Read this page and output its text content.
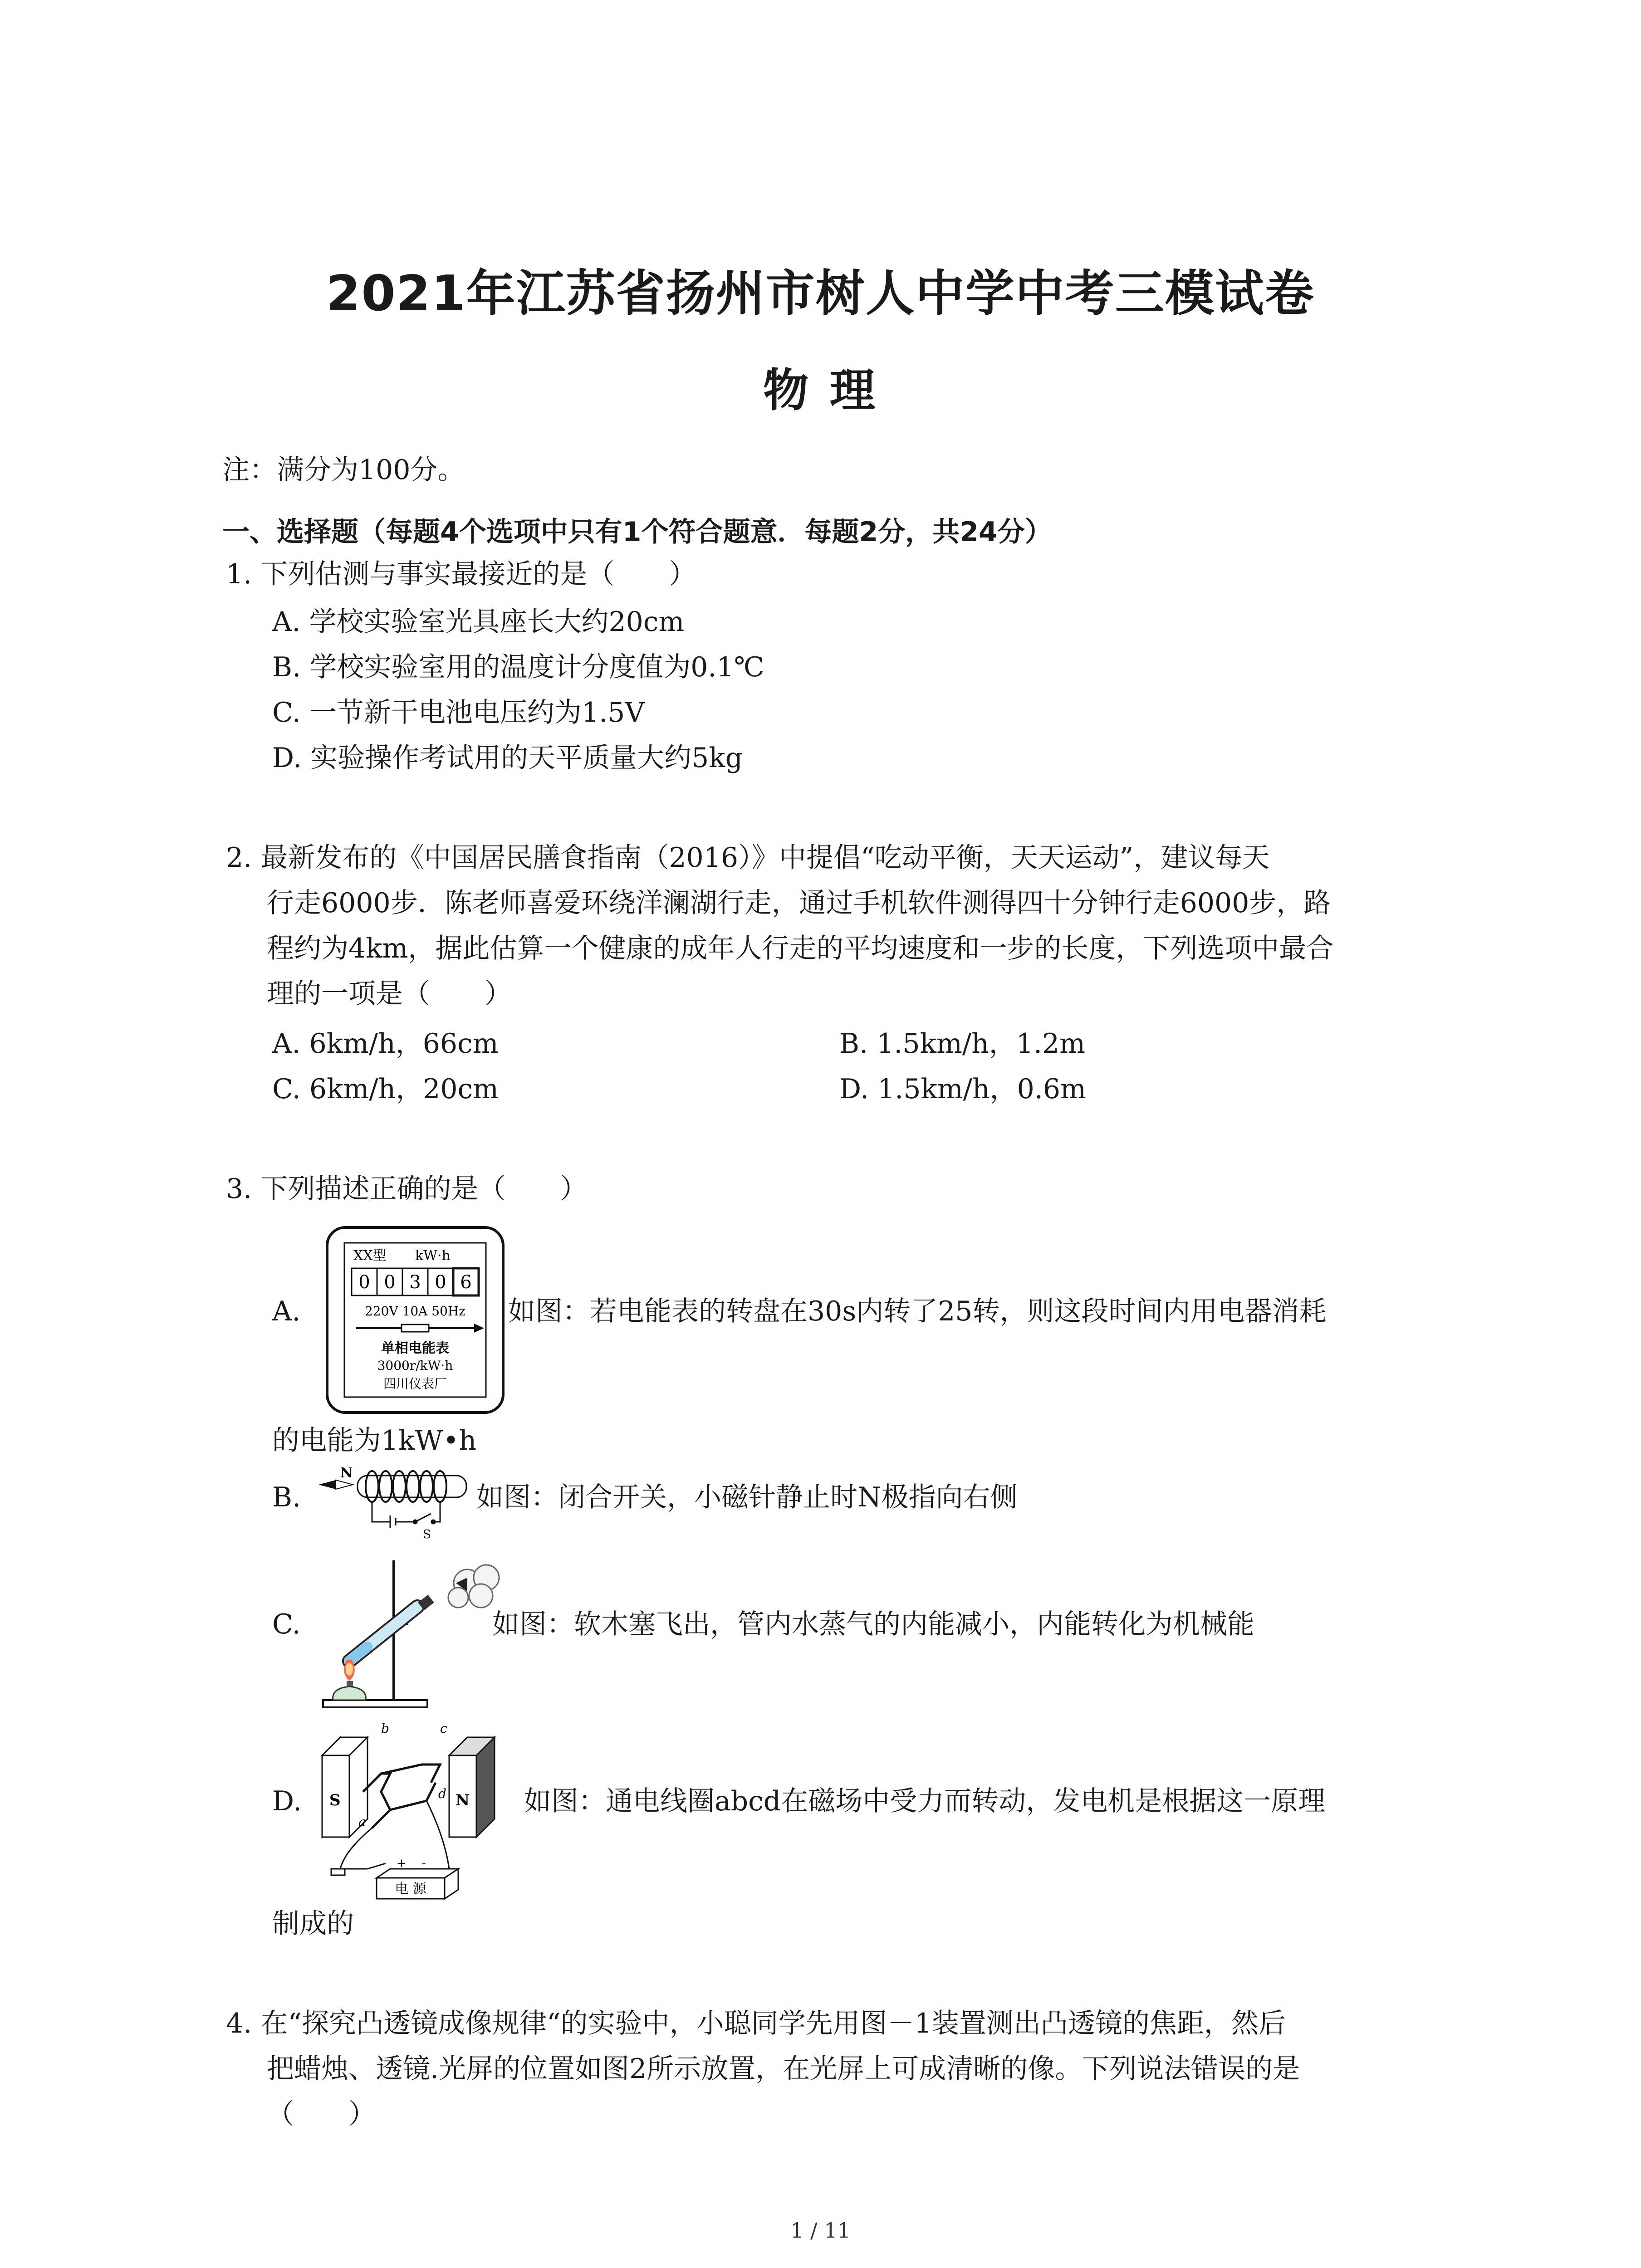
2021年江苏省扬州市树人中学中考三模试卷
物 理
注：满分为100分。
一、选择题（每题4个选项中只有1个符合题意．每题2分，共24分）
1. 下列估测与事实最接近的是（　　）
A. 学校实验室光具座长大约20cm
B. 学校实验室用的温度计分度值为0.1℃
C. 一节新干电池电压约为1.5V
D. 实验操作考试用的天平质量大约5kg
2. 最新发布的《中国居民膳食指南（2016）》中提倡“吃动平衡，天天运动”，建议每天
行走6000步．陈老师喜爱环绕洋澜湖行走，通过手机软件测得四十分钟行走6000步，路
程约为4km，据此估算一个健康的成年人行走的平均速度和一步的长度，下列选项中最合
理的一项是（　　）
A. 6km/h，66cm	B. 1.5km/h，1.2m
C. 6km/h，20cm	D. 1.5km/h，0.6m
3. 下列描述正确的是（　　）
A.
XX型 kW·h
0 0 3 0 6
220V 10A 50Hz
单相电能表
3000r/kW·h
四川仪表厂
如图：若电能表的转盘在30s内转了25转，则这段时间内用电器消耗
的电能为1kW•h
B.
N
S
如图：闭合开关，小磁针静止时N极指向右侧
C.	如图：软木塞飞出，管内水蒸气的内能减小，内能转化为机械能
D. S	N
a
b	c
d
电 源
+ -
如图：通电线圈abcd在磁场中受力而转动，发电机是根据这一原理
制成的
4. 在“探究凸透镜成像规律“的实验中，小聪同学先用图－1装置测出凸透镜的焦距，然后
把蜡烛、透镜.光屏的位置如图2所示放置，在光屏上可成清晰的像。下列说法错误的是
（　　）
1 / 11
